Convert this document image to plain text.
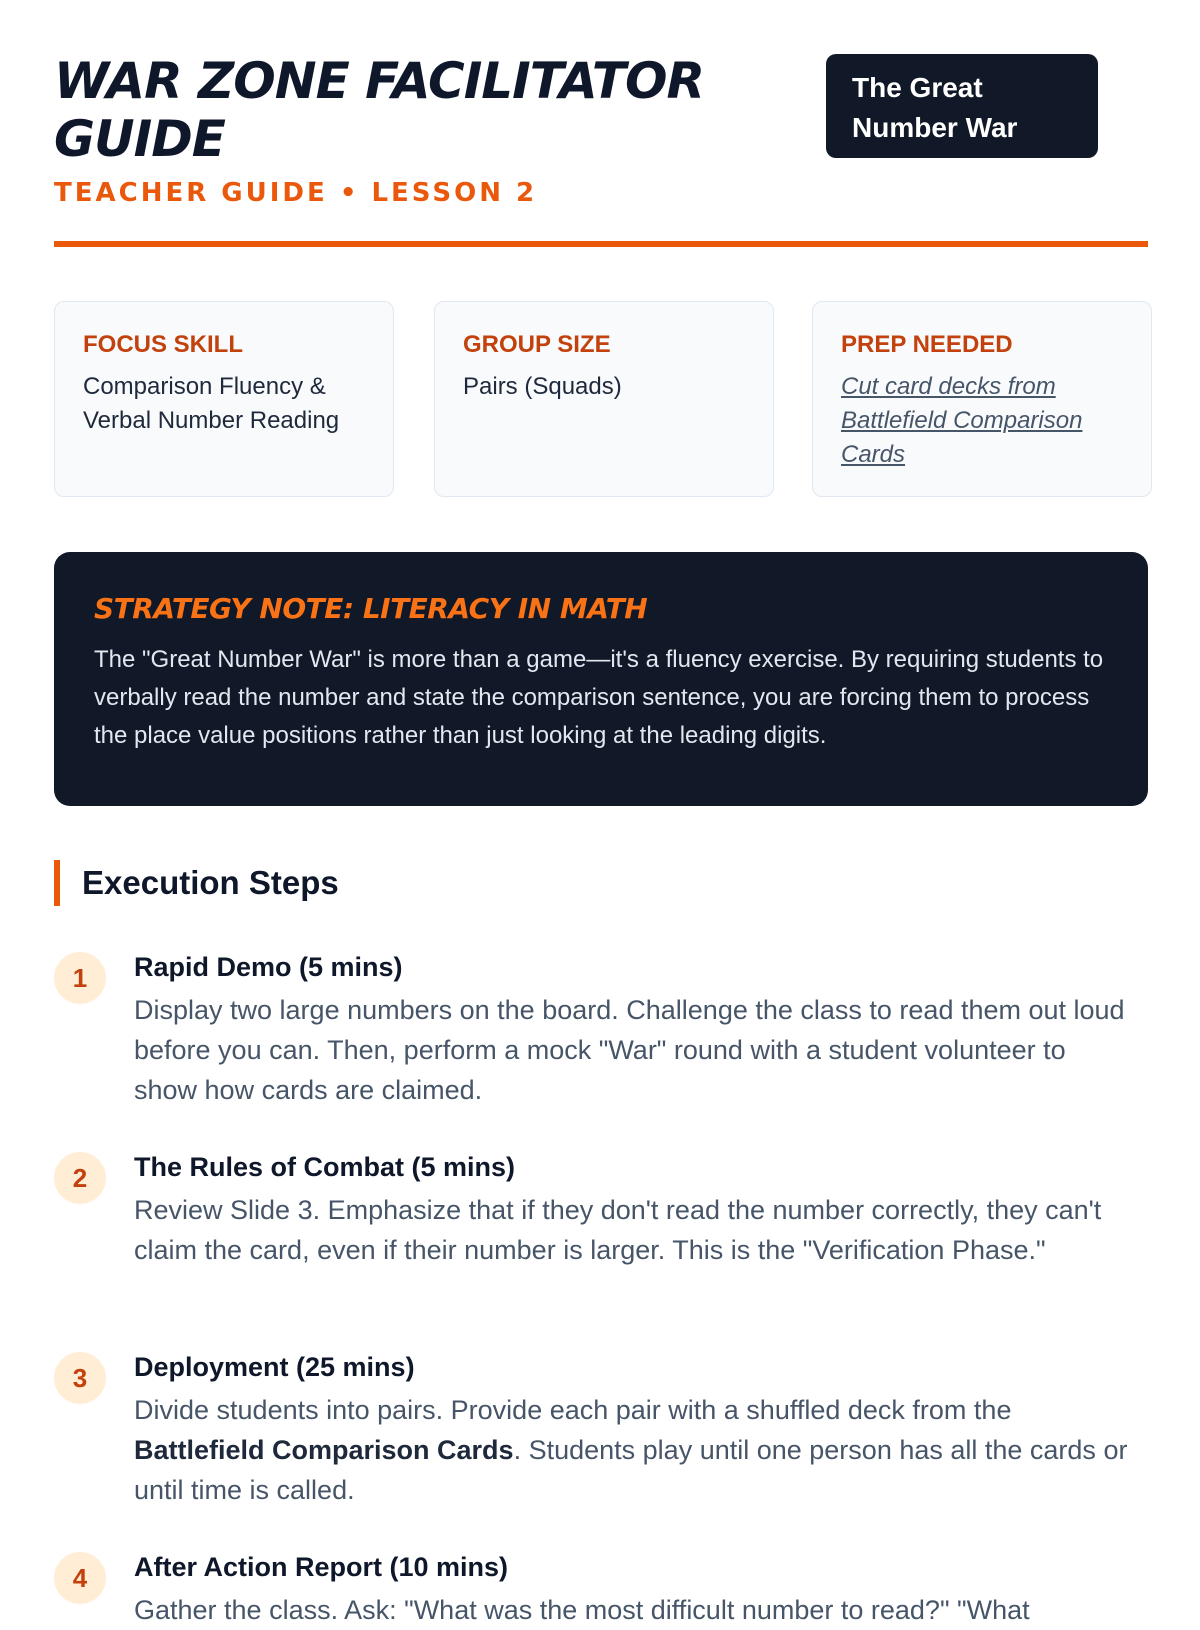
WAR ZONE FACILITATOR GUIDE
TEACHER GUIDE • LESSON 2
The Great Number War
FOCUS SKILL
Comparison Fluency & Verbal Number Reading
GROUP SIZE
Pairs (Squads)
PREP NEEDED
Cut card decks from Battlefield Comparison Cards
STRATEGY NOTE: LITERACY IN MATH
The "Great Number War" is more than a game—it's a fluency exercise. By requiring students to verbally read the number and state the comparison sentence, you are forcing them to process the place value positions rather than just looking at the leading digits.
Execution Steps
1	Rapid Demo (5 mins)
Display two large numbers on the board. Challenge the class to read them out loud before you can. Then, perform a mock "War" round with a student volunteer to show how cards are claimed.
2	The Rules of Combat (5 mins)
Review Slide 3. Emphasize that if they don't read the number correctly, they can't claim the card, even if their number is larger. This is the "Verification Phase."
3	Deployment (25 mins)
Divide students into pairs. Provide each pair with a shuffled deck from the Battlefield Comparison Cards. Students play until one person has all the cards or until time is called.
4	After Action Report (10 mins)
Gather the class. Ask: "What was the most difficult number to read?" "What
